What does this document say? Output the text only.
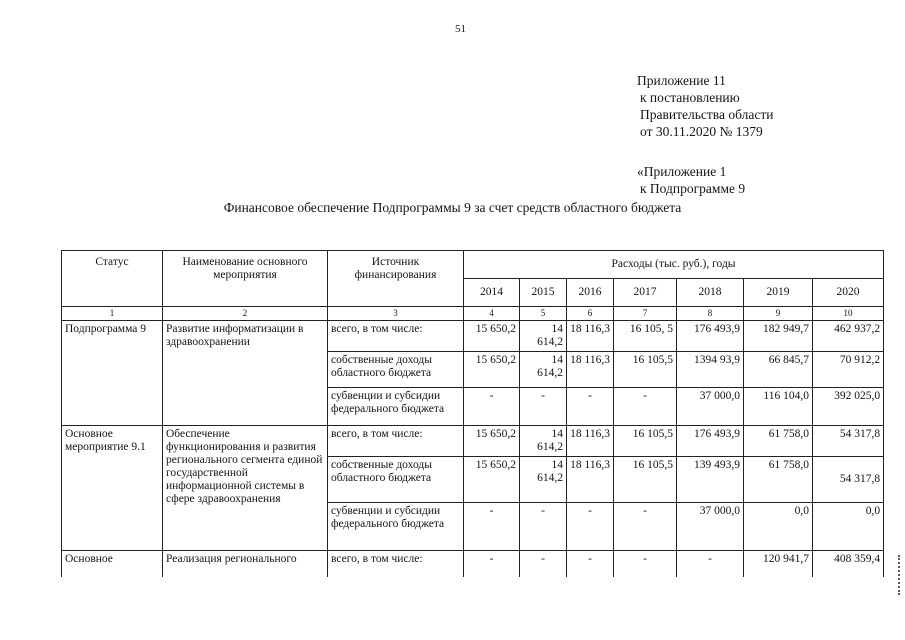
51
Приложение 11
к постановлению
Правительства области
от 30.11.2020 № 1379
«Приложение 1
к Подпрограмме 9
Финансовое обеспечение Подпрограммы 9 за счет средств областного бюджета
Статус	Наименование основного мероприятия	Источник финансирования	Расходы (тыс. руб.), годы						
			2014	2015	2016	2017	2018	2019	2020
1	2	3	4	5	6	7	8	9	10
Подпрограмма 9	Развитие информатизации в здравоохранении	всего, в том числе:	15 650,2	14 614,2	18 116,3	16 105, 5	176 493,9	182 949,7	462 937,2
		собственные доходы областного бюджета	15 650,2	14 614,2	18 116,3	16 105,5	1394 93,9	66 845,7	70 912,2
		субвенции и субсидии федерального бюджета	-	-	-	-	37 000,0	116 104,0	392 025,0
Основное мероприятие 9.1	Обеспечение функционирования и развития регионального сегмента единой государственной информационной системы в сфере здравоохранения	всего, в том числе:	15 650,2	14 614,2	18 116,3	16 105,5	176 493,9	61 758,0	54 317,8
		собственные доходы областного бюджета	15 650,2	14 614,2	18 116,3	16 105,5	139 493,9	61 758,0	54 317,8
		субвенции и субсидии федерального бюджета	-	-	-	-	37 000,0	0,0	0,0
Основное	Реализация регионального	всего, в том числе:	-	-	-	-	-	120 941,7	408 359,4
